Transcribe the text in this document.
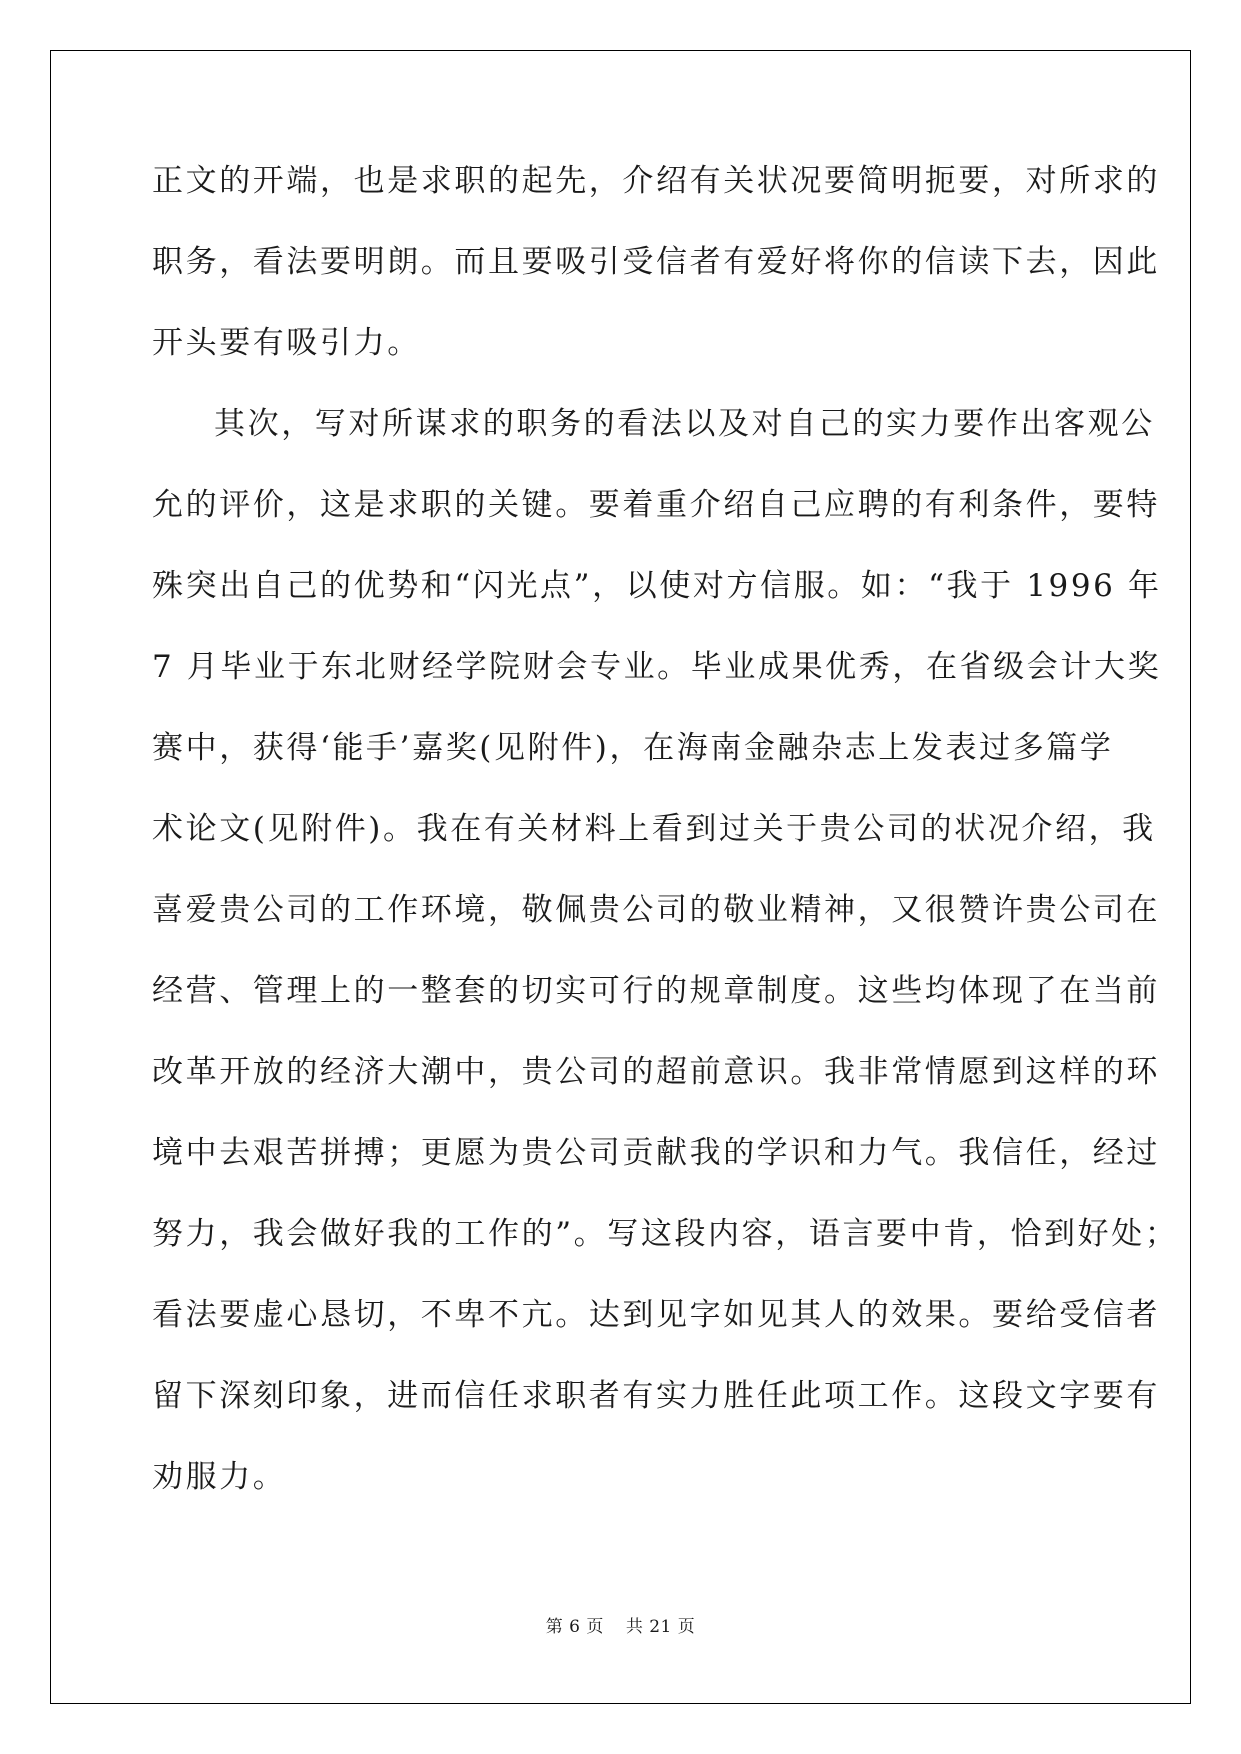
正文的开端，也是求职的起先，介绍有关状况要简明扼要，对所求的
职务，看法要明朗。而且要吸引受信者有爱好将你的信读下去，因此
开头要有吸引力。
其次，写对所谋求的职务的看法以及对自己的实力要作出客观公
允的评价，这是求职的关键。要着重介绍自己应聘的有利条件，要特
殊突出自己的优势和“闪光点”，以使对方信服。如：“我于 1996 年
7 月毕业于东北财经学院财会专业。毕业成果优秀，在省级会计大奖
赛中，获得‘能手’嘉奖(见附件)，在海南金融杂志上发表过多篇学
术论文(见附件)。我在有关材料上看到过关于贵公司的状况介绍，我
喜爱贵公司的工作环境，敬佩贵公司的敬业精神，又很赞许贵公司在
经营、管理上的一整套的切实可行的规章制度。这些均体现了在当前
改革开放的经济大潮中，贵公司的超前意识。我非常情愿到这样的环
境中去艰苦拼搏；更愿为贵公司贡献我的学识和力气。我信任，经过
努力，我会做好我的工作的”。写这段内容，语言要中肯，恰到好处；
看法要虚心恳切，不卑不亢。达到见字如见其人的效果。要给受信者
留下深刻印象，进而信任求职者有实力胜任此项工作。这段文字要有
劝服力。
第 6 页 共 21 页
